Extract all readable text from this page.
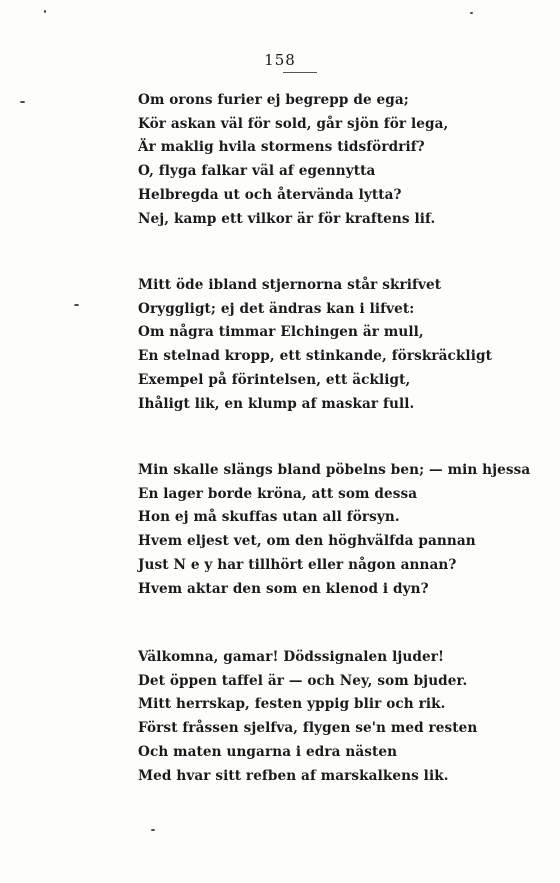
158
Om orons furier ej begrepp de ega;
Kör askan väl för sold, går sjön för lega,
Är maklig hvila stormens tidsfördrif?
O, flyga falkar väl af egennytta
Helbregda ut och återvända lytta?
Nej, kamp ett vilkor är för kraftens lif.
Mitt öde ibland stjernorna står skrifvet
Oryggligt; ej det ändras kan i lifvet:
Om några timmar Elchingen är mull,
En stelnad kropp, ett stinkande, förskräckligt
Exempel på förintelsen, ett äckligt,
Ihåligt lik, en klump af maskar full.
Min skalle slängs bland pöbelns ben; — min hjessa
En lager borde kröna, att som dessa
Hon ej må skuffas utan all försyn.
Hvem eljest vet, om den höghvälfda pannan
Just N e y har tillhört eller någon annan?
Hvem aktar den som en klenod i dyn?
Välkomna, gamar! Dödssignalen ljuder!
Det öppen taffel är — och Ney, som bjuder.
Mitt herrskap, festen yppig blir och rik.
Först fråssen sjelfva, flygen se'n med resten
Och maten ungarna i edra nästen
Med hvar sitt refben af marskalkens lik.
